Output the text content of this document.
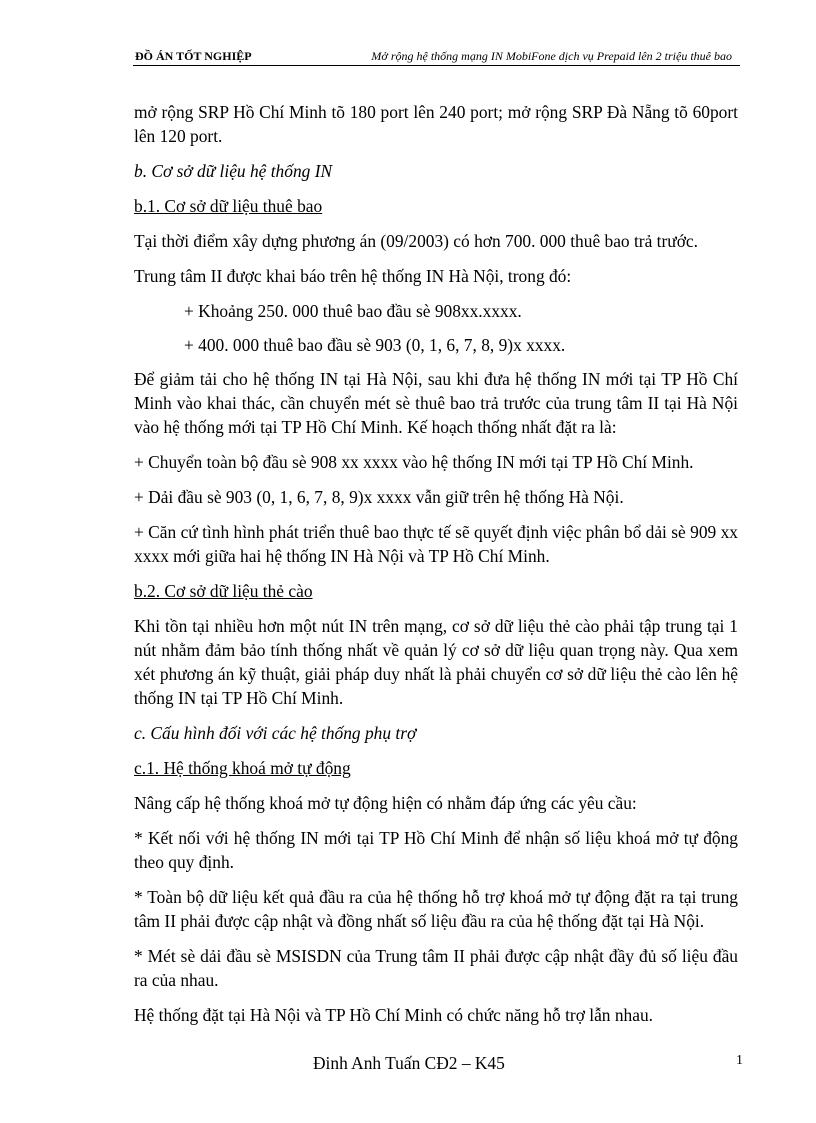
ĐỒ ÁN TỐT NGHIỆP	Mở rộng hệ thống mạng IN MobiFone dịch vụ Prepaid lên 2 triệu thuê bao

mở rộng SRP Hồ Chí Minh tõ 180 port lên 240 port; mở rộng SRP Đà Nẵng tõ 60port lên 120 port.

b. Cơ sở dữ liệu hệ thống IN

b.1. Cơ sở dữ liệu thuê bao

Tại thời điểm xây dựng phương án (09/2003) có hơn 700. 000 thuê bao trả trước.

Trung tâm II được khai báo trên hệ thống IN Hà Nội, trong đó:

+ Khoảng 250. 000 thuê bao đầu sè 908xx.xxxx.

+ 400. 000 thuê bao đầu sè 903 (0, 1, 6, 7, 8, 9)x xxxx.

Để giảm tải cho hệ thống IN tại Hà Nội, sau khi đưa hệ thống IN mới tại TP Hồ Chí Minh vào khai thác, cần chuyển mét sè thuê bao trả trước của trung tâm II tại Hà Nội vào hệ thống mới tại TP Hồ Chí Minh. Kế hoạch thống nhất đặt ra là:

+ Chuyển toàn bộ đầu sè 908 xx xxxx vào hệ thống IN mới tại TP Hồ Chí Minh.

+ Dải đầu sè 903 (0, 1, 6, 7, 8, 9)x xxxx vẫn giữ trên hệ thống Hà Nội.

+ Căn cứ tình hình phát triển thuê bao thực tế sẽ quyết định việc phân bổ dải sè 909 xx xxxx mới giữa hai hệ thống IN Hà Nội và TP Hồ Chí Minh.

b.2. Cơ sở dữ liệu thẻ cào

Khi tồn tại nhiều hơn một nút IN trên mạng, cơ sở dữ liệu thẻ cào phải tập trung tại 1 nút nhằm đảm bảo tính thống nhất về quản lý cơ sở dữ liệu quan trọng này. Qua xem xét phương án kỹ thuật, giải pháp duy nhất là phải chuyển cơ sở dữ liệu thẻ cào lên hệ thống IN tại TP Hồ Chí Minh.

c. Cấu hình đối với các hệ thống phụ trợ

c.1. Hệ thống khoá mở tự động

Nâng cấp hệ thống khoá mở tự động hiện có nhằm đáp ứng các yêu cầu:

* Kết nối với hệ thống IN mới tại TP Hồ Chí Minh để nhận số liệu khoá mở tự động theo quy định.

* Toàn bộ dữ liệu kết quả đầu ra của hệ thống hỗ trợ khoá mở tự động đặt ra tại trung tâm II phải được cập nhật và đồng nhất số liệu đầu ra của hệ thống đặt tại Hà Nội.

* Mét sè dải đầu sè MSISDN của Trung tâm II phải được cập nhật đầy đủ số liệu đầu ra của nhau.

Hệ thống đặt tại Hà Nội và TP Hồ Chí Minh có chức năng hỗ trợ lẫn nhau.

Đinh Anh Tuấn CĐ2 – K45	1
